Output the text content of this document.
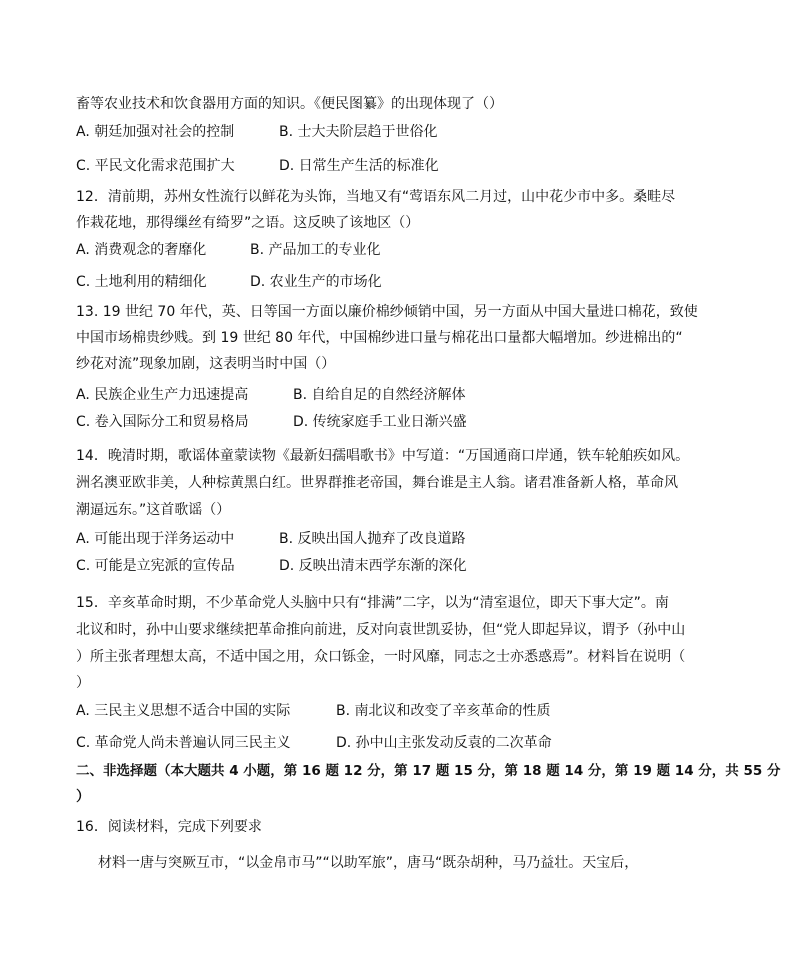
畜等农业技术和饮食器用方面的知识。《便民图纂》的出现体现了（）
A. 朝廷加强对社会的控制	B. 士大夫阶层趋于世俗化
C. 平民文化需求范围扩大	D. 日常生产生活的标准化
12．清前期，苏州女性流行以鲜花为头饰，当地又有“莺语东风二月过，山中花少市中多。桑畦尽
作栽花地，那得缫丝有绮罗”之语。这反映了该地区（）
A. 消费观念的奢靡化	B. 产品加工的专业化
C. 土地利用的精细化	D. 农业生产的市场化
13. 19 世纪 70 年代，英、日等国一方面以廉价棉纱倾销中国，另一方面从中国大量进口棉花，致使
中国市场棉贵纱贱。到 19 世纪 80 年代，中国棉纱进口量与棉花出口量都大幅增加。纱进棉出的“
纱花对流”现象加剧，这表明当时中国（）
A. 民族企业生产力迅速提高	B. 自给自足的自然经济解体
C. 卷入国际分工和贸易格局	D. 传统家庭手工业日渐兴盛
14．晚清时期，歌谣体童蒙读物《最新妇孺唱歌书》中写道：“万国通商口岸通，铁车轮舶疾如风。
洲名澳亚欧非美，人种棕黄黑白红。世界群推老帝国，舞台谁是主人翁。诸君准备新人格，革命风
潮逼远东。”这首歌谣（）
A. 可能出现于洋务运动中	B. 反映出国人抛弃了改良道路
C. 可能是立宪派的宣传品	D. 反映出清末西学东渐的深化
15．辛亥革命时期，不少革命党人头脑中只有“排满”二字，以为“清室退位，即天下事大定”。南
北议和时，孙中山要求继续把革命推向前进，反对向袁世凯妥协，但“党人即起异议，谓予（孙中山
）所主张者理想太高，不适中国之用，众口铄金，一时风靡，同志之士亦悉惑焉”。材料旨在说明（
）
A. 三民主义思想不适合中国的实际	B. 南北议和改变了辛亥革命的性质
C. 革命党人尚未普遍认同三民主义	D. 孙中山主张发动反袁的二次革命
二、非选择题（本大题共 4 小题，第 16 题 12 分，第 17 题 15 分，第 18 题 14 分，第 19 题 14 分，共 55 分
）
16．阅读材料，完成下列要求
材料一唐与突厥互市，“以金帛市马”“以助军旅”，唐马“既杂胡种，马乃益壮。天宝后，
